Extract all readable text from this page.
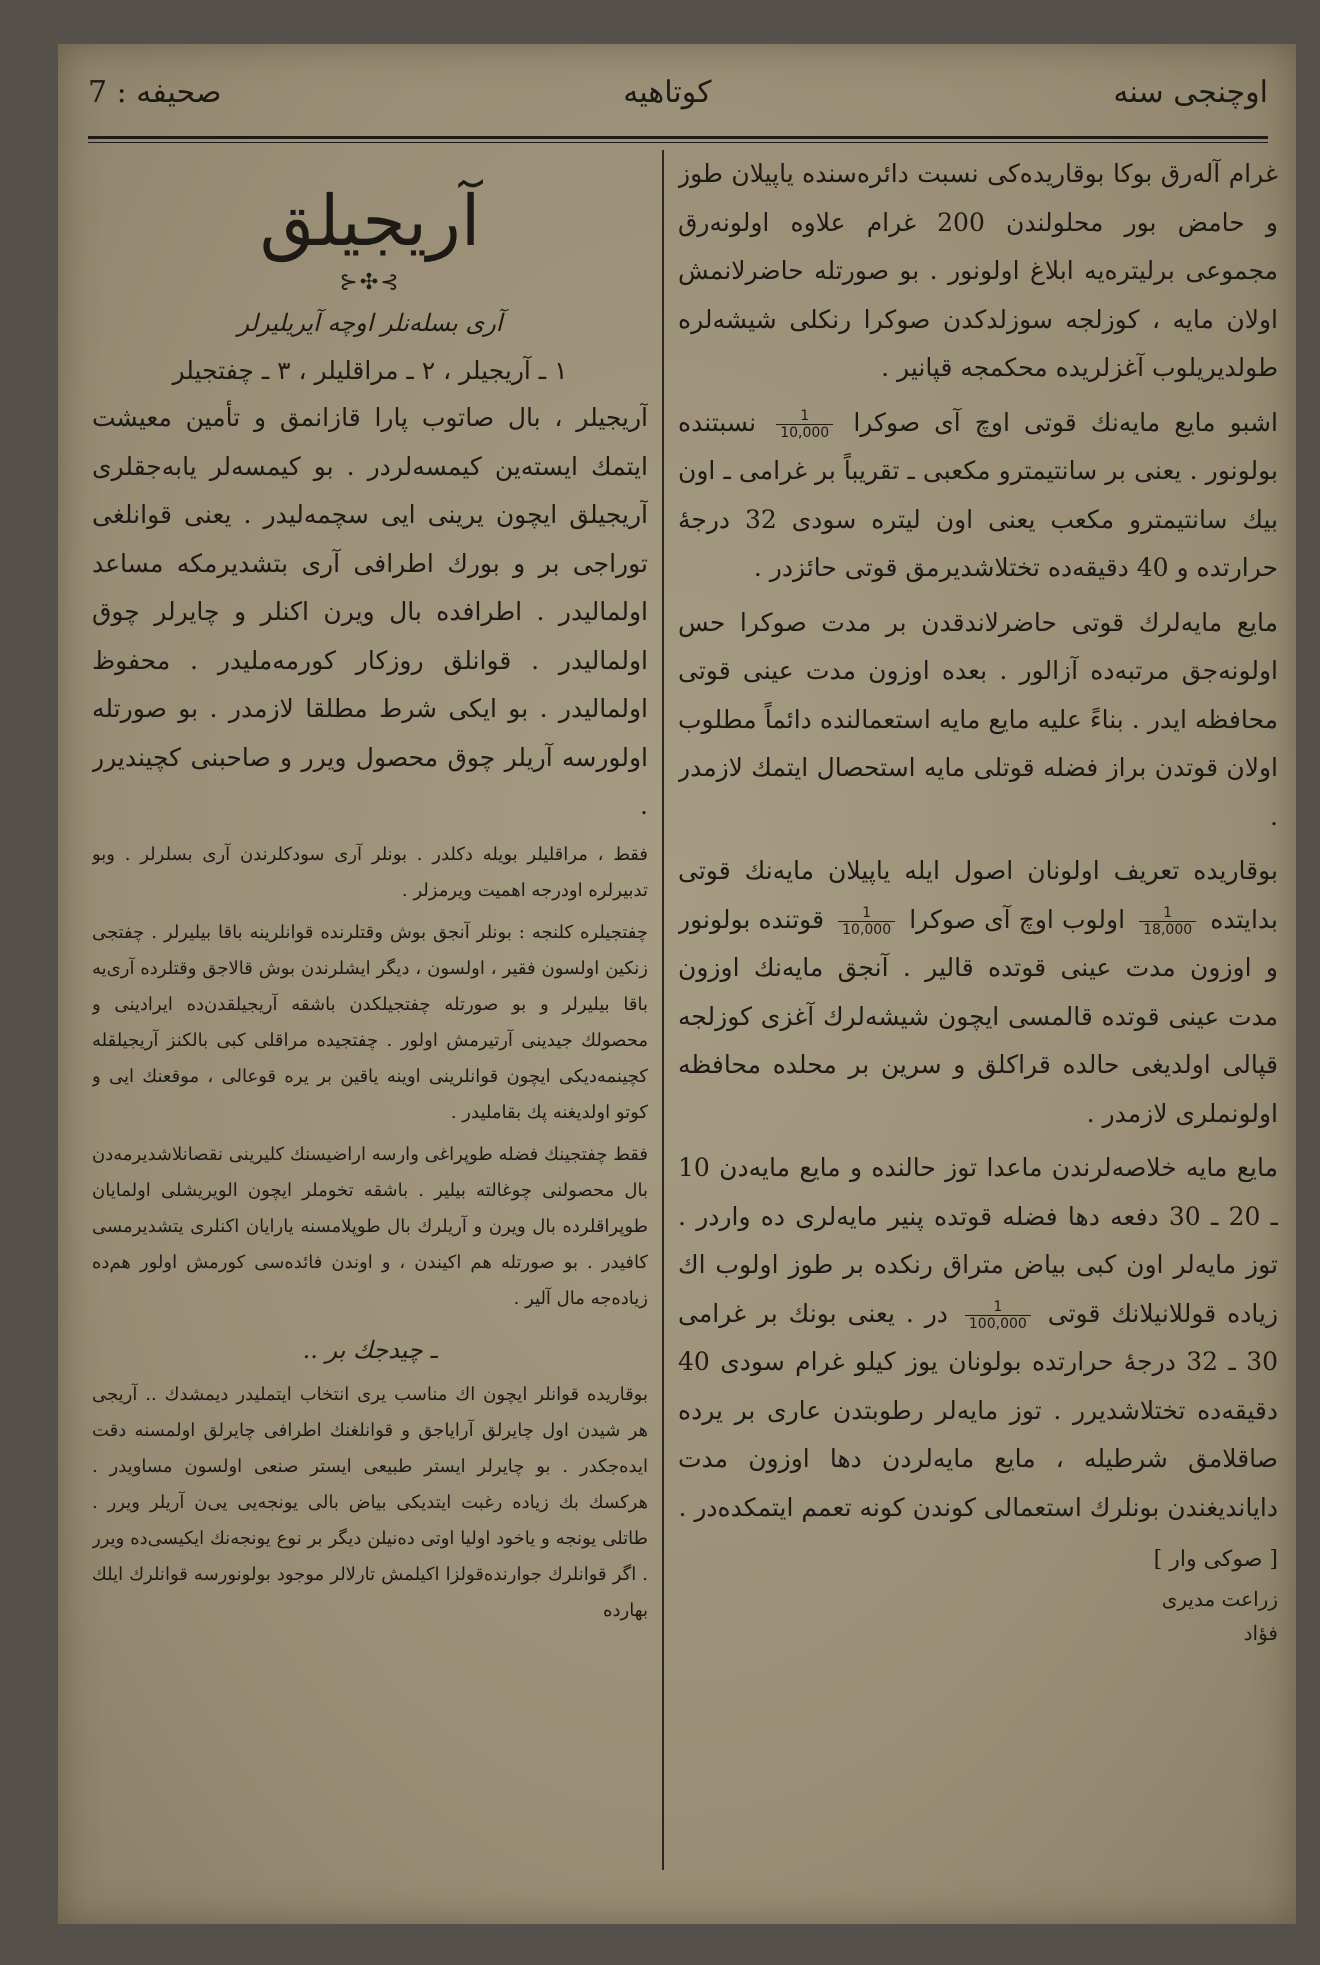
صحیفه : 7	کوتاهیه	اوچنجی سنه

غرام آلەرق بوكا بوقاریدەكی نسبت دائرەسندە یاپیلان طوز و حامض بور محلولندن 200 غرام علاوه اولونەرق مجموعی برلیترەیە ابلاغ اولونور . بو صورتله حاضرلانمش اولان مایه ، كوزلجه سوزلدكدن صوكرا رنكلی شیشەلرە طولدیریلوب آغزلریدە محكمجه قپانیر .

اشبو مایع مایەنك قوتی اوچ آی صوكرا
$\frac{1}{10,000}$
نسبتندە بولونور . یعنی بر سانتیمترو مكعبی ـ تقریباً بر غرامی ـ اون بیك سانتیمترو مكعب یعنی اون لیترە سودی 32 درجۀ حرارتدە و 40 دقیقەدە تختلاشدیرمق قوتی حائزدر .

مایع مایەلرك قوتی حاضرلاندقدن بر مدت صوكرا حس اولونەجق مرتبەدە آزالور . بعده اوزون مدت عینی قوتی محافظه ایدر . بناءً علیه مایع مایه استعمالندە دائماً مطلوب اولان قوتدن براز فضله قوتلی مایه استحصال ایتمك لازمدر .

بوقاریدە تعریف اولونان اصول ایله یاپیلان مایەنك قوتی بدایتدە
$\frac{1}{18,000}$
اولوب اوچ آی صوكرا
$\frac{1}{10,000}$
قوتندە بولونور و اوزون مدت عینی قوتدە قالیر . آنجق مایەنك اوزون مدت عینی قوتدە قالمسی ایچون شیشەلرك آغزی كوزلجه قپالی اولدیغی حالدە قراكلق و سرین بر محلدە محافظه اولونملری لازمدر .

مایع مایه خلاصەلرندن ماعدا توز حالندە و مایع مایەدن 10 ـ 20 ـ 30 دفعه دها فضله قوتدە پنیر مایەلری دە واردر . توز مایەلر اون كبی بیاض متراق رنكدە بر طوز اولوب اك زیادە قوللانیلانك قوتی
$\frac{1}{100,000}$
در . یعنی بونك بر غرامی 30 ـ 32 درجۀ حرارتدە بولونان یوز كیلو غرام سودی 40 دقیقەدە تختلاشدیرر . توز مایەلر رطوبتدن عاری بر یردە صاقلامق شرطیله ، مایع مایەلردن دها اوزون مدت دایاندیغندن بونلرك استعمالی كوندن كونه تعمم ایتمكدەدر .

[ صوكی وار ]
زراعت مدیری
فؤاد
آریجیلق
⊱✣⊰
آری بسلەنلر اوچه آیریلیرلر
١ ـ آریجیلر ، ٢ ـ مراقلیلر ، ٣ ـ چفتجیلر

آریجیلر ، بال صاتوب پارا قازانمق و تأمین معیشت ایتمك ایستەین كیمسەلردر . بو كیمسەلر یابەجقلری آریجیلق ایچون یرینی ایی سچمەلیدر . یعنی قوانلغی توراجی بر و بورك اطرافی آری بتشدیرمكه مساعد اولمالیدر . اطرافدە بال ویرن اكنلر و چایرلر چوق اولمالیدر . قوانلق روزكار كورمەملیدر . محفوظ اولمالیدر . بو ایكی شرط مطلقا لازمدر . بو صورتله اولورسه آریلر چوق محصول ویرر و صاحبنی كچیندیرر .

فقط ، مراقلیلر بویله دكلدر . بونلر آری سودكلرندن آری بسلرلر . وبو تدبیرلره اودرجه اهمیت ویرمزلر .

چفتجیلره كلنجه : بونلر آنجق بوش وقتلرندە قوانلرینه باقا بیلیرلر . چفتجی زنكین اولسون فقیر ، اولسون ، دیگر ایشلرندن بوش قالاجق وقتلردە آری‌یە باقا بیلیرلر و بو صورتله چفتجیلكدن باشقه آریجیلقدن‌دە ایرادینی و محصولك جیدینی آرتیرمش اولور . چفتجیدە مراقلی كبی بالكنز آریجیلقله كچینمەدیكی ایچون قوانلرینی اوینه یاقین بر یرە قوعالی ، موقعنك ایی و كوتو اولدیغنه پك بقاملیدر .

فقط چفتجینك فضله طوپراغی وارسه اراضیسنك كلیرینی نقصانلاشدیرمەدن بال محصولنی چوغالته بیلیر . باشقه تخوملر ایچون الویریشلی اولمایان طوپراقلرده بال ویرن و آریلرك بال طوپلامسنه یارایان اكنلری یتشدیرمسی كافیدر . بو صورتله هم اكیندن ، و اوندن فائدەسی كورمش اولور هم‌دە زیادەجه مال آلیر .

ـ چیدجك بر ..

بوقاریدە قوانلر ایچون اك مناسب یری انتخاب ایتملیدر دیمشدك .. آریجی هر شیدن اول چایرلق آرایاجق و قوانلغنك اطرافی چایرلق اولمسنه دقت ایدەجكدر . بو چایرلر ایستر طبیعی ایستر صنعی اولسون مساویدر . هركسك بك زیادە رغبت ایتدیكی بیاض بالی یونجەیی یی‌ن آریلر ویرر . طاتلی یونجه و یاخود اولیا اوتی دەنیلن دیگر بر نوع یونجەنك ایكیسی‌دە ویرر . اگر قوانلرك جوارندەقولزا اكیلمش تارلالر موجود بولونورسه قوانلرك ایلك بهاردە
